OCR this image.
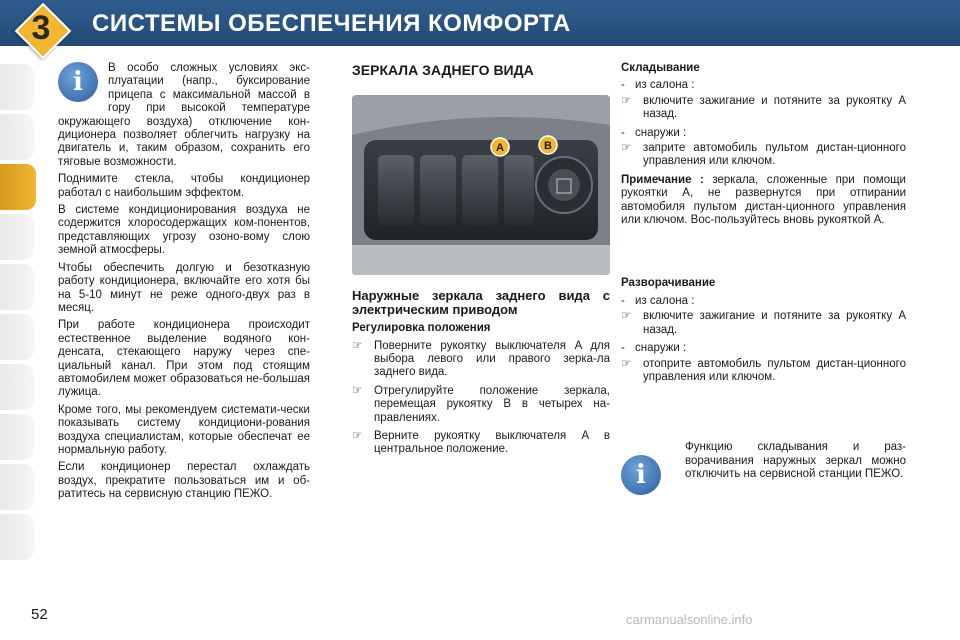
3	СИСТЕМЫ ОБЕСПЕЧЕНИЯ КОМФОРТА
i	В особо сложных условиях экс-плуатации (напр., буксирование прицепа с максимальной массой в гору при высокой температуре окружающего воздуха) отключение кон-диционера позволяет облегчить нагрузку на двигатель и, таким образом, сохранить его тяговые возможности.

Поднимите стекла, чтобы кондиционер работал с наибольшим эффектом.

В системе кондиционирования воздуха не содержится хлоросодержащих ком-понентов, представляющих угрозу озоно-вому слою земной атмосферы.

Чтобы обеспечить долгую и безотказную работу кондиционера, включайте его хотя бы на 5-10 минут не реже одного-двух раз в месяц.

При работе кондиционера происходит естественное выделение водяного кон-денсата, стекающего наружу через спе-циальный канал. При этом под стоящим автомобилем может образоваться не-большая лужица.

Кроме того, мы рекомендуем системати-чески показывать систему кондициони-рования воздуха специалистам, которые обеспечат ее нормальную работу.

Если кондиционер перестал охлаждать воздух, прекратите пользоваться им и об-ратитесь на сервисную станцию ПЕЖО.

ЗЕРКАЛА ЗАДНЕГО ВИДА
A	B
Наружные зеркала заднего вида с электрическим приводом
Регулировка положения
☞ Поверните рукоятку выключателя A для выбора левого или правого зерка-ла заднего вида.
☞ Отрегулируйте положение зеркала, перемещая рукоятку B в четырех на-правлениях.
☞ Верните рукоятку выключателя A в центральное положение.
Складывание
- из салона :
☞ включите зажигание и потяните за рукоятку A назад.
- снаружи :
☞ заприте автомобиль пультом дистан-ционного управления или ключом.

Примечание : зеркала, сложенные при помощи рукоятки A, не развернутся при отпирании автомобиля пультом дистан-ционного управления или ключом. Вос-пользуйтесь вновь рукояткой A.

Разворачивание
- из салона :
☞ включите зажигание и потяните за рукоятку A назад.
- снаружи :
☞ отоприте автомобиль пультом дистан-ционного управления или ключом.
i

Функцию складывания и раз-ворачивания наружных зеркал можно отключить на сервисной станции ПЕЖО.

52	carmanualsonline.info
